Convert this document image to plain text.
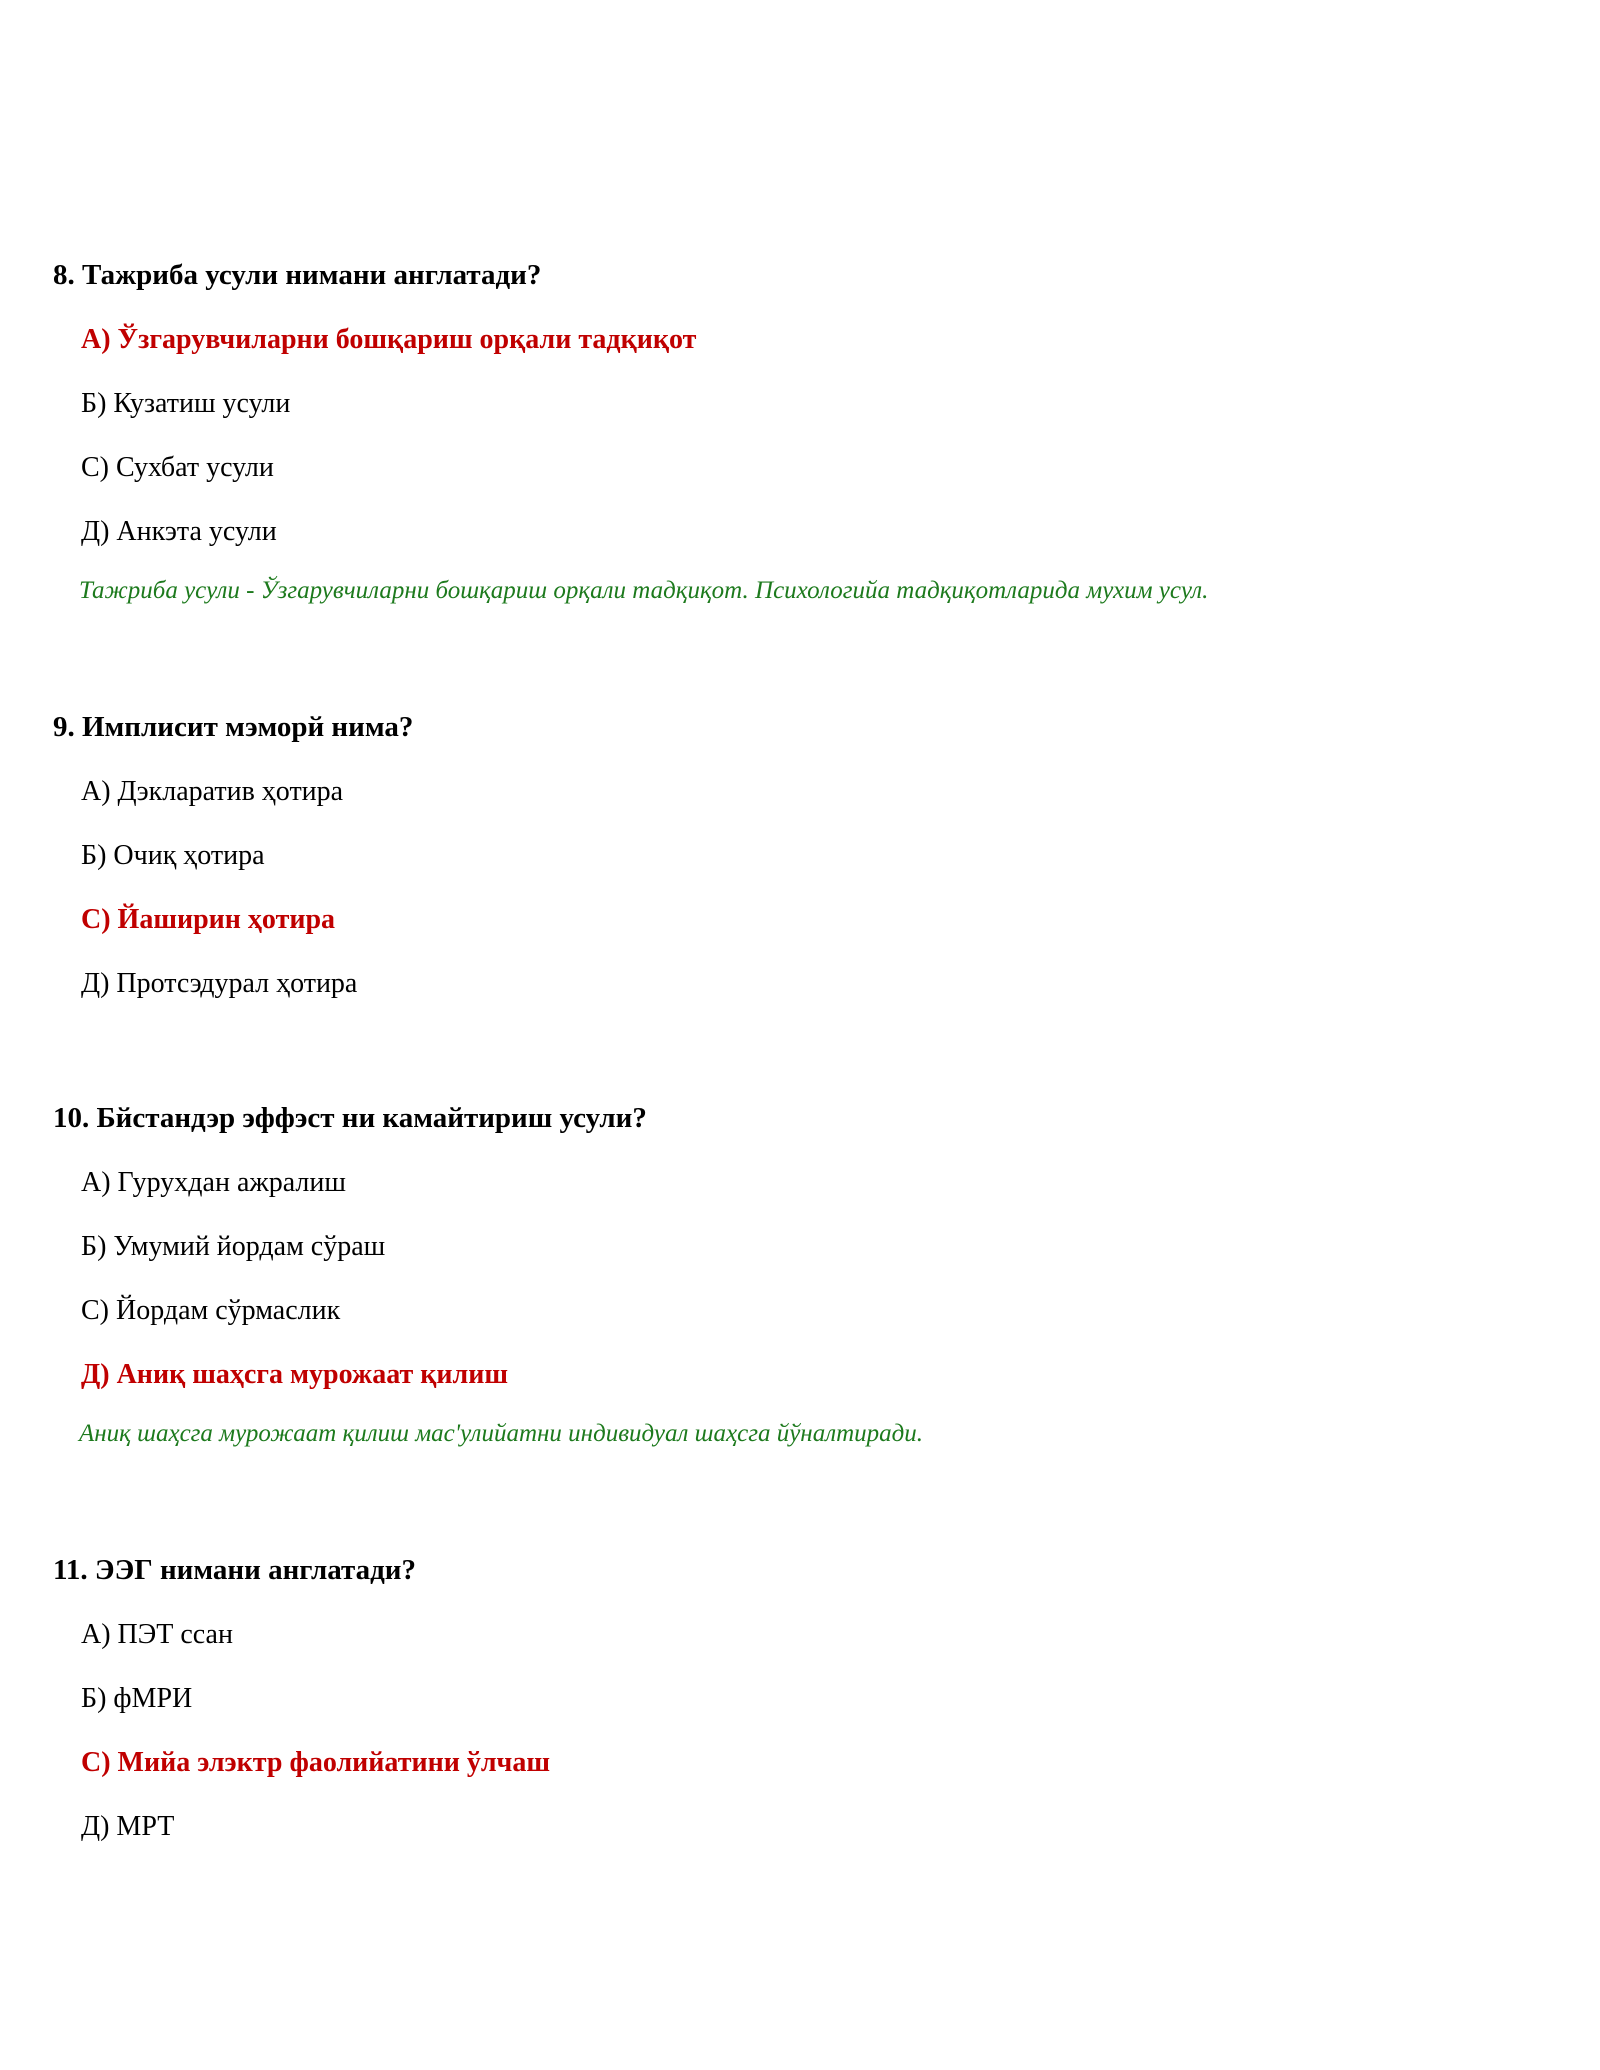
8. Тажриба усули нимани англатади?
A) Ўзгарувчиларни бошқариш орқали тадқиқот
Б) Кузатиш усули
C) Сухбат усули
Д) Анкэта усули
Тажриба усули - Ўзгарувчиларни бошқариш орқали тадқиқот. Психологийа тадқиқотларида мухим усул.
9. Имплисит мэморй нима?
A) Дэкларатив ҳотира
Б) Очиқ ҳотира
C) Йаширин ҳотира
Д) Протсэдурал ҳотира
10. Бйстандэр эффэст ни камайтириш усули?
A) Гурухдан ажралиш
Б) Умумий йордам сўраш
C) Йордам сўрмаслик
Д) Аниқ шаҳсга мурожаат қилиш
Аниқ шаҳсга мурожаат қилиш мас'улийатни индивидуал шаҳсга йўналтиради.
11. ЭЭГ нимани англатади?
A) ПЭТ ссан
Б) фМРИ
C) Мийа элэктр фаолийатини ўлчаш
Д) МРТ
